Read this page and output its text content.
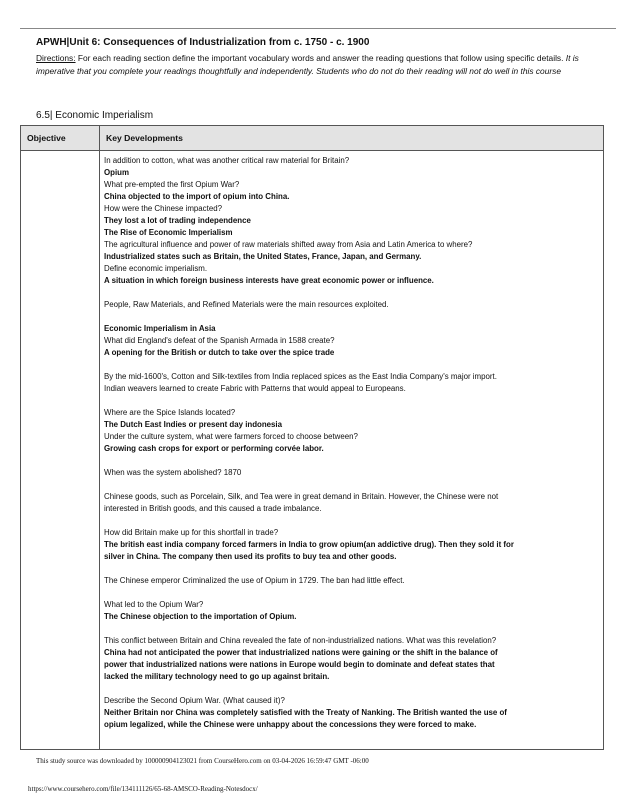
APWH|Unit 6: Consequences of Industrialization from c. 1750 - c. 1900

Directions: For each reading section define the important vocabulary words and answer the reading questions that follow using specific details. It is imperative that you complete your readings thoughtfully and independently. Students who do not do their reading will not do well in this course

6.5| Economic Imperialism
Objective	Key Developments

In addition to cotton, what was another critical raw material for Britain?

Opium

What pre-empted the first Opium War?

China objected to the import of opium into China.

How were the Chinese impacted?

They lost a lot of trading independence

The Rise of Economic Imperialism

The agricultural influence and power of raw materials shifted away from Asia and Latin America to where?

Industrialized states such as Britain, the United States, France, Japan, and Germany.

Define economic imperialism.

A situation in which foreign business interests have great economic power or influence.

People, Raw Materials, and Refined Materials were the main resources exploited.

Economic Imperialism in Asia

What did England's defeat of the Spanish Armada in 1588 create?

A opening for the British or dutch to take over the spice trade

By the mid-1600's, Cotton and Silk-textiles from India replaced spices as the East India Company's major import.

Indian weavers learned to create Fabric with Patterns that would appeal to Europeans.

Where are the Spice Islands located?

The Dutch East Indies or present day indonesia

Under the culture system, what were farmers forced to choose between?

Growing cash crops for export or performing corvée labor.

When was the system abolished? 1870

Chinese goods, such as Porcelain, Silk, and Tea were in great demand in Britain. However, the Chinese were not

interested in British goods, and this caused a trade imbalance.

How did Britain make up for this shortfall in trade?

The british east india company forced farmers in India to grow opium(an addictive drug). Then they sold it for

silver in China. The company then used its profits to buy tea and other goods.

The Chinese emperor Criminalized the use of Opium in 1729. The ban had little effect.

What led to the Opium War?

The Chinese objection to the importation of Opium.

This conflict between Britain and China revealed the fate of non-industrialized nations. What was this revelation?

China had not anticipated the power that industrialized nations were gaining or the shift in the balance of

power that industrialized nations were nations in Europe would begin to dominate and defeat states that

lacked the military technology need to go up against britain.

Describe the Second Opium War. (What caused it)?

Neither Britain nor China was completely satisfied with the Treaty of Nanking. The British wanted the use of

opium legalized, while the Chinese were unhappy about the concessions they were forced to make.

This study source was downloaded by 100000904123021 from CourseHero.com on 03-04-2026 16:59:47 GMT -06:00
https://www.coursehero.com/file/134111126/65-68-AMSCO-Reading-Notesdocx/
